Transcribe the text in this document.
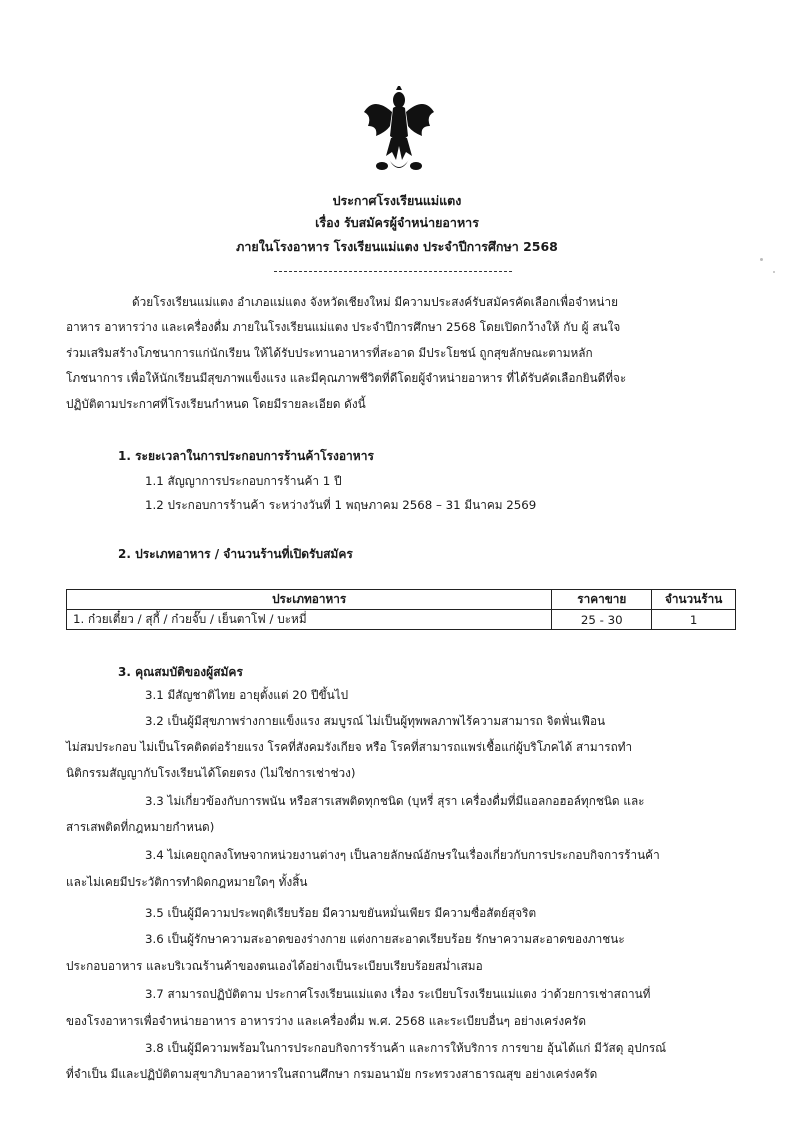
ประกาศโรงเรียนแม่แตง
เรื่อง รับสมัครผู้จำหน่ายอาหาร
ภายในโรงอาหาร โรงเรียนแม่แตง ประจำปีการศึกษา 2568
ด้วยโรงเรียนแม่แตง อำเภอแม่แตง จังหวัดเชียงใหม่ มีความประสงค์รับสมัครคัดเลือกเพื่อจำหน่าย
อาหาร อาหารว่าง และเครื่องดื่ม ภายในโรงเรียนแม่แตง ประจำปีการศึกษา 2568 โดยเปิดกว้างให้ กับ ผู้ สนใจ
ร่วมเสริมสร้างโภชนาการแก่นักเรียน ให้ได้รับประทานอาหารที่สะอาด มีประโยชน์ ถูกสุขลักษณะตามหลัก
โภชนาการ เพื่อให้นักเรียนมีสุขภาพแข็งแรง และมีคุณภาพชีวิตที่ดีโดยผู้จำหน่ายอาหาร ที่ได้รับคัดเลือกยินดีที่จะ
ปฏิบัติตามประกาศที่โรงเรียนกำหนด โดยมีรายละเอียด ดังนี้
1. ระยะเวลาในการประกอบการร้านค้าโรงอาหาร
1.1 สัญญาการประกอบการร้านค้า 1 ปี
1.2 ประกอบการร้านค้า ระหว่างวันที่ 1 พฤษภาคม 2568 – 31 มีนาคม 2569
2. ประเภทอาหาร / จำนวนร้านที่เปิดรับสมัคร
ประเภทอาหาร	ราคาขาย	จำนวนร้าน
1. ก๋วยเตี๋ยว / สุกี้ / ก๋วยจั๊บ / เย็นตาโฟ / บะหมี่	25 - 30	1
3. คุณสมบัติของผู้สมัคร
3.1 มีสัญชาติไทย อายุตั้งแต่ 20 ปีขึ้นไป
3.2 เป็นผู้มีสุขภาพร่างกายแข็งแรง สมบูรณ์ ไม่เป็นผู้ทุพพลภาพไร้ความสามารถ จิตฟั่นเฟือน
ไม่สมประกอบ ไม่เป็นโรคติดต่อร้ายแรง โรคที่สังคมรังเกียจ หรือ โรคที่สามารถแพร่เชื้อแก่ผู้บริโภคได้ สามารถทำ
นิติกรรมสัญญากับโรงเรียนได้โดยตรง (ไม่ใช่การเช่าช่วง)
3.3 ไม่เกี่ยวข้องกับการพนัน หรือสารเสพติดทุกชนิด (บุหรี่ สุรา เครื่องดื่มที่มีแอลกอฮอล์ทุกชนิด และ
สารเสพติดที่กฎหมายกำหนด)
3.4 ไม่เคยถูกลงโทษจากหน่วยงานต่างๆ เป็นลายลักษณ์อักษรในเรื่องเกี่ยวกับการประกอบกิจการร้านค้า
และไม่เคยมีประวัติการทำผิดกฎหมายใดๆ ทั้งสิ้น
3.5 เป็นผู้มีความประพฤติเรียบร้อย มีความขยันหมั่นเพียร มีความซื่อสัตย์สุจริต
3.6 เป็นผู้รักษาความสะอาดของร่างกาย แต่งกายสะอาดเรียบร้อย รักษาความสะอาดของภาชนะ
ประกอบอาหาร และบริเวณร้านค้าของตนเองได้อย่างเป็นระเบียบเรียบร้อยสม่ำเสมอ
3.7 สามารถปฏิบัติตาม ประกาศโรงเรียนแม่แตง เรื่อง ระเบียบโรงเรียนแม่แตง ว่าด้วยการเช่าสถานที่
ของโรงอาหารเพื่อจำหน่ายอาหาร อาหารว่าง และเครื่องดื่ม พ.ศ. 2568 และระเบียบอื่นๆ อย่างเคร่งครัด
3.8 เป็นผู้มีความพร้อมในการประกอบกิจการร้านค้า และการให้บริการ การขาย อุ้นได้แก่ มีวัสดุ อุปกรณ์
ที่จำเป็น มีและปฏิบัติตามสุขาภิบาลอาหารในสถานศึกษา กรมอนามัย กระทรวงสาธารณสุข อย่างเคร่งครัด
